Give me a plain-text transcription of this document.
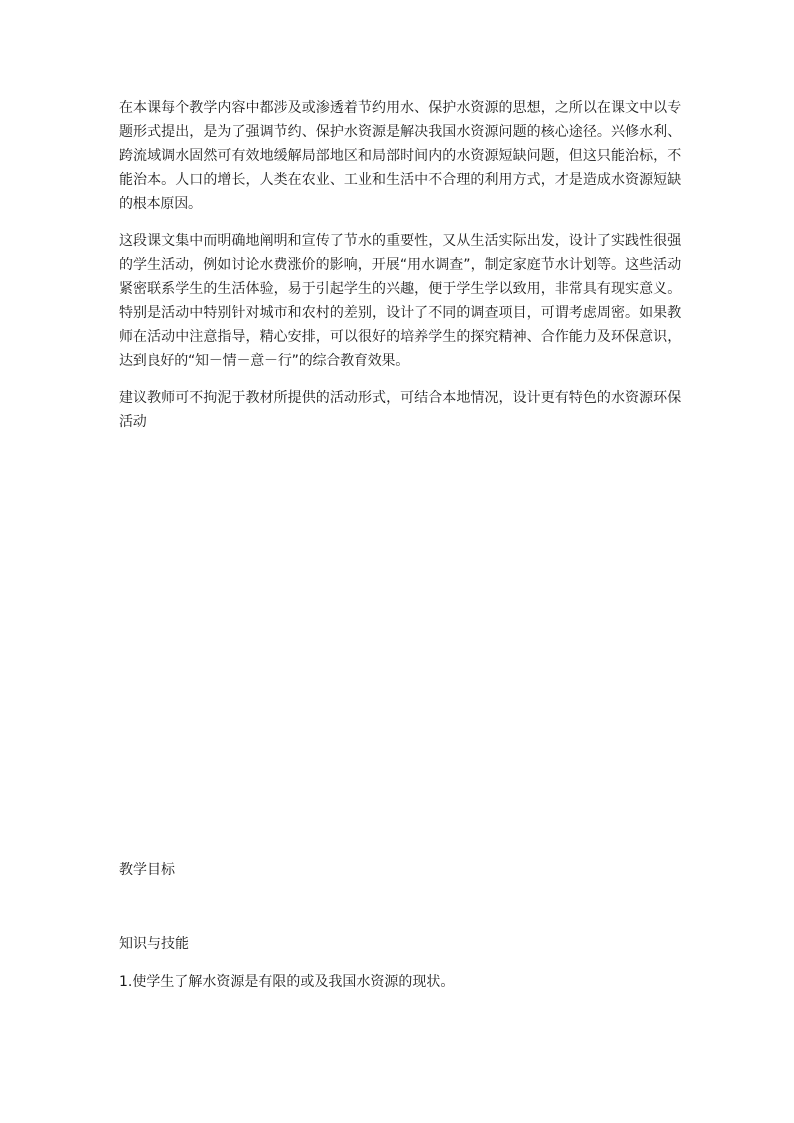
在本课每个教学内容中都涉及或渗透着节约用水、保护水资源的思想，之所以在课文中以专题形式提出，是为了强调节约、保护水资源是解决我国水资源问题的核心途径。兴修水利、跨流域调水固然可有效地缓解局部地区和局部时间内的水资源短缺问题，但这只能治标，不能治本。人口的增长，人类在农业、工业和生活中不合理的利用方式，才是造成水资源短缺的根本原因。

这段课文集中而明确地阐明和宣传了节水的重要性，又从生活实际出发，设计了实践性很强的学生活动，例如讨论水费涨价的影响，开展“用水调查”，制定家庭节水计划等。这些活动紧密联系学生的生活体验，易于引起学生的兴趣，便于学生学以致用，非常具有现实意义。特别是活动中特别针对城市和农村的差别，设计了不同的调查项目，可谓考虑周密。如果教师在活动中注意指导，精心安排，可以很好的培养学生的探究精神、合作能力及环保意识，达到良好的“知－情－意－行”的综合教育效果。

建议教师可不拘泥于教材所提供的活动形式，可结合本地情况，设计更有特色的水资源环保活动

教学目标
知识与技能

1.使学生了解水资源是有限的或及我国水资源的现状。
